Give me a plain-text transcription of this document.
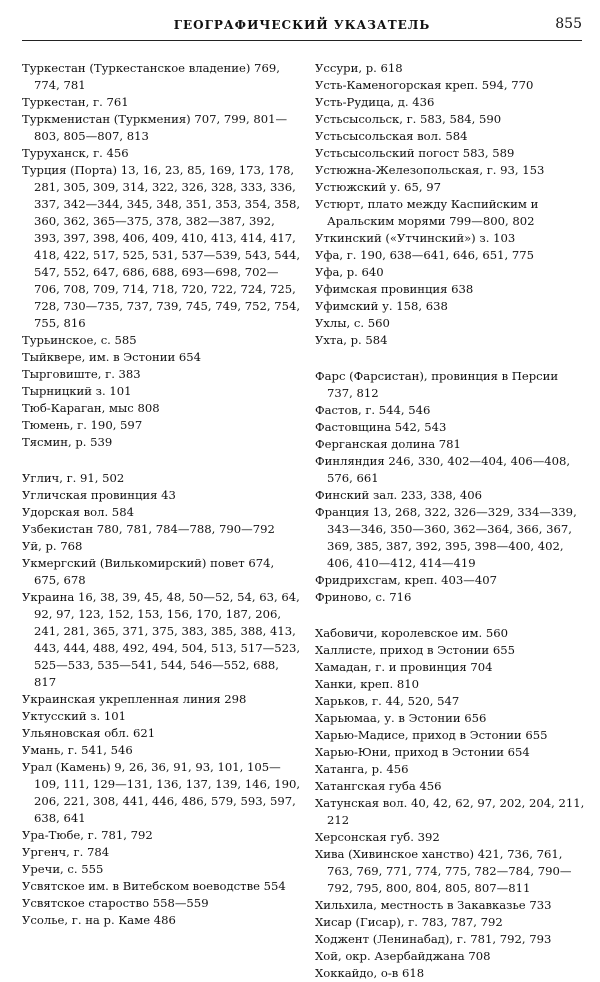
ГЕОГРАФИЧЕСКИЙ УКАЗАТЕЛЬ	855
Туркестан (Туркестанское владение) 769, 774, 781
Туркестан, г. 761
Туркменистан (Туркмения) 707, 799, 801—803, 805—807, 813
Туруханск, г. 456
Турция (Порта) 13, 16, 23, 85, 169, 173, 178, 281, 305, 309, 314, 322, 326, 328, 333, 336, 337, 342—344, 345, 348, 351, 353, 354, 358, 360, 362, 365—375, 378, 382—387, 392, 393, 397, 398, 406, 409, 410, 413, 414, 417, 418, 422, 517, 525, 531, 537—539, 543, 544, 547, 552, 647, 686, 688, 693—698, 702—706, 708, 709, 714, 718, 720, 722, 724, 725, 728, 730—735, 737, 739, 745, 749, 752, 754, 755, 816
Турьинское, с. 585
Тыйквере, им. в Эстонии 654
Тырговиште, г. 383
Тырницкий з. 101
Тюб-Караган, мыс 808
Тюмень, г. 190, 597
Тясмин, р. 539
Углич, г. 91, 502
Угличская провинция 43
Удорская вол. 584
Узбекистан 780, 781, 784—788, 790—792
Уй, р. 768
Укмергский (Вилькомирский) повет 674, 675, 678
Украина 16, 38, 39, 45, 48, 50—52, 54, 63, 64, 92, 97, 123, 152, 153, 156, 170, 187, 206, 241, 281, 365, 371, 375, 383, 385, 388, 413, 443, 444, 488, 492, 494, 504, 513, 517—523, 525—533, 535—541, 544, 546—552, 688, 817
Украинская укрепленная линия 298
Уктусский з. 101
Ульяновская обл. 621
Умань, г. 541, 546
Урал (Камень) 9, 26, 36, 91, 93, 101, 105—109, 111, 129—131, 136, 137, 139, 146, 190, 206, 221, 308, 441, 446, 486, 579, 593, 597, 638, 641
Ура-Тюбе, г. 781, 792
Ургенч, г. 784
Уречи, с. 555
Усвятское им. в Витебском воеводстве 554
Усвятское староство 558—559
Усолье, г. на р. Каме 486
Уссури, р. 618
Усть-Каменогорская креп. 594, 770
Усть-Рудица, д. 436
Устьсысольск, г. 583, 584, 590
Устьсысольская вол. 584
Устьсысольский погост 583, 589
Устюжна-Железопольская, г. 93, 153
Устюжский у. 65, 97
Устюрт, плато между Каспийским и Аральским морями 799—800, 802
Уткинский («Утчинский») з. 103
Уфа, г. 190, 638—641, 646, 651, 775
Уфа, р. 640
Уфимская провинция 638
Уфимский у. 158, 638
Ухлы, с. 560
Ухта, р. 584
Фарс (Фарсистан), провинция в Персии 737, 812
Фастов, г. 544, 546
Фастовщина 542, 543
Ферганская долина 781
Финляндия 246, 330, 402—404, 406—408, 576, 661
Финский зал. 233, 338, 406
Франция 13, 268, 322, 326—329, 334—339, 343—346, 350—360, 362—364, 366, 367, 369, 385, 387, 392, 395, 398—400, 402, 406, 410—412, 414—419
Фридрихсгам, креп. 403—407
Фриново, с. 716
Хабовичи, королевское им. 560
Халлисте, приход в Эстонии 655
Хамадан, г. и провинция 704
Ханки, креп. 810
Харьков, г. 44, 520, 547
Харьюмаа, у. в Эстонии 656
Харью-Мадисе, приход в Эстонии 655
Харью-Юни, приход в Эстонии 654
Хатанга, р. 456
Хатангская губа 456
Хатунская вол. 40, 42, 62, 97, 202, 204, 211, 212
Херсонская губ. 392
Хива (Хивинское ханство) 421, 736, 761, 763, 769, 771, 774, 775, 782—784, 790—792, 795, 800, 804, 805, 807—811
Хильхила, местность в Закавказье 733
Хисар (Гисар), г. 783, 787, 792
Ходжент (Ленинабад), г. 781, 792, 793
Хой, окр. Азербайджана 708
Хоккайдо, о-в 618
